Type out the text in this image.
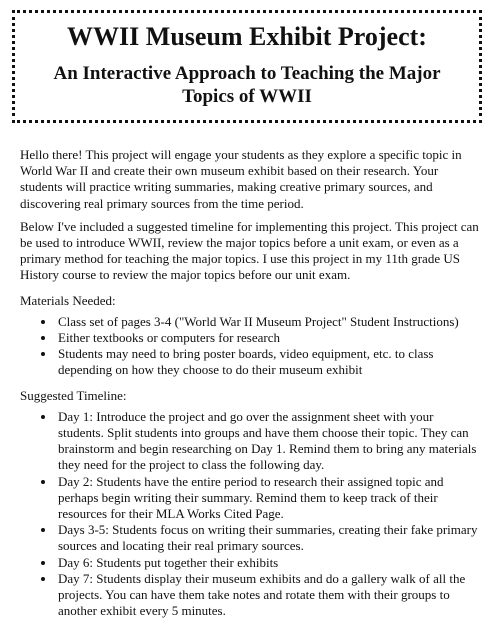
WWII Museum Exhibit Project:
An Interactive Approach to Teaching the Major Topics of WWII

Hello there! This project will engage your students as they explore a specific topic in World War II and create their own museum exhibit based on their research. Your students will practice writing summaries, making creative primary sources, and discovering real primary sources from the time period.

Below I've included a suggested timeline for implementing this project. This project can be used to introduce WWII, review the major topics before a unit exam, or even as a primary method for teaching the major topics. I use this project in my 11th grade US History course to review the major topics before our unit exam.

Materials Needed:
• Class set of pages 3-4 ("World War II Museum Project" Student Instructions)
• Either textbooks or computers for research
• Students may need to bring poster boards, video equipment, etc. to class depending on how they choose to do their museum exhibit
Suggested Timeline:
• Day 1: Introduce the project and go over the assignment sheet with your students. Split students into groups and have them choose their topic. They can brainstorm and begin researching on Day 1. Remind them to bring any materials they need for the project to class the following day.
• Day 2: Students have the entire period to research their assigned topic and perhaps begin writing their summary. Remind them to keep track of their resources for their MLA Works Cited Page.
• Days 3-5: Students focus on writing their summaries, creating their fake primary sources and locating their real primary sources.
• Day 6: Students put together their exhibits
• Day 7: Students display their museum exhibits and do a gallery walk of all the projects. You can have them take notes and rotate them with their groups to another exhibit every 5 minutes.
